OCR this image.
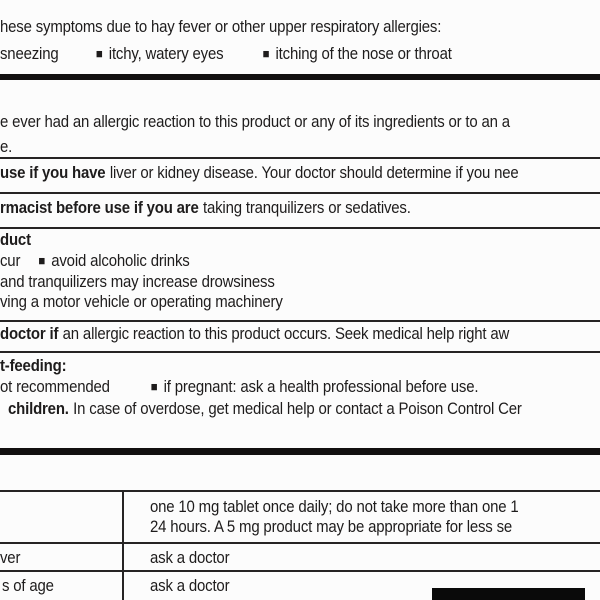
hese symptoms due to hay fever or other upper respiratory allergies:
sneezing	■ itchy, watery eyes	■ itching of the nose or throat
e ever had an allergic reaction to this product or any of its ingredients or to an a
e.
use if you have liver or kidney disease. Your doctor should determine if you nee
rmacist before use if you are taking tranquilizers or sedatives.
duct
cur ■ avoid alcoholic drinks
and tranquilizers may increase drowsiness
ving a motor vehicle or operating machinery
doctor if an allergic reaction to this product occurs. Seek medical help right aw
t-feeding:
ot recommended	■ if pregnant: ask a health professional before use.
children. In case of overdose, get medical help or contact a Poison Control Cer
one 10 mg tablet once daily; do not take more than one 1
24 hours. A 5 mg product may be appropriate for less se
ver	ask a doctor
s of age	ask a doctor
